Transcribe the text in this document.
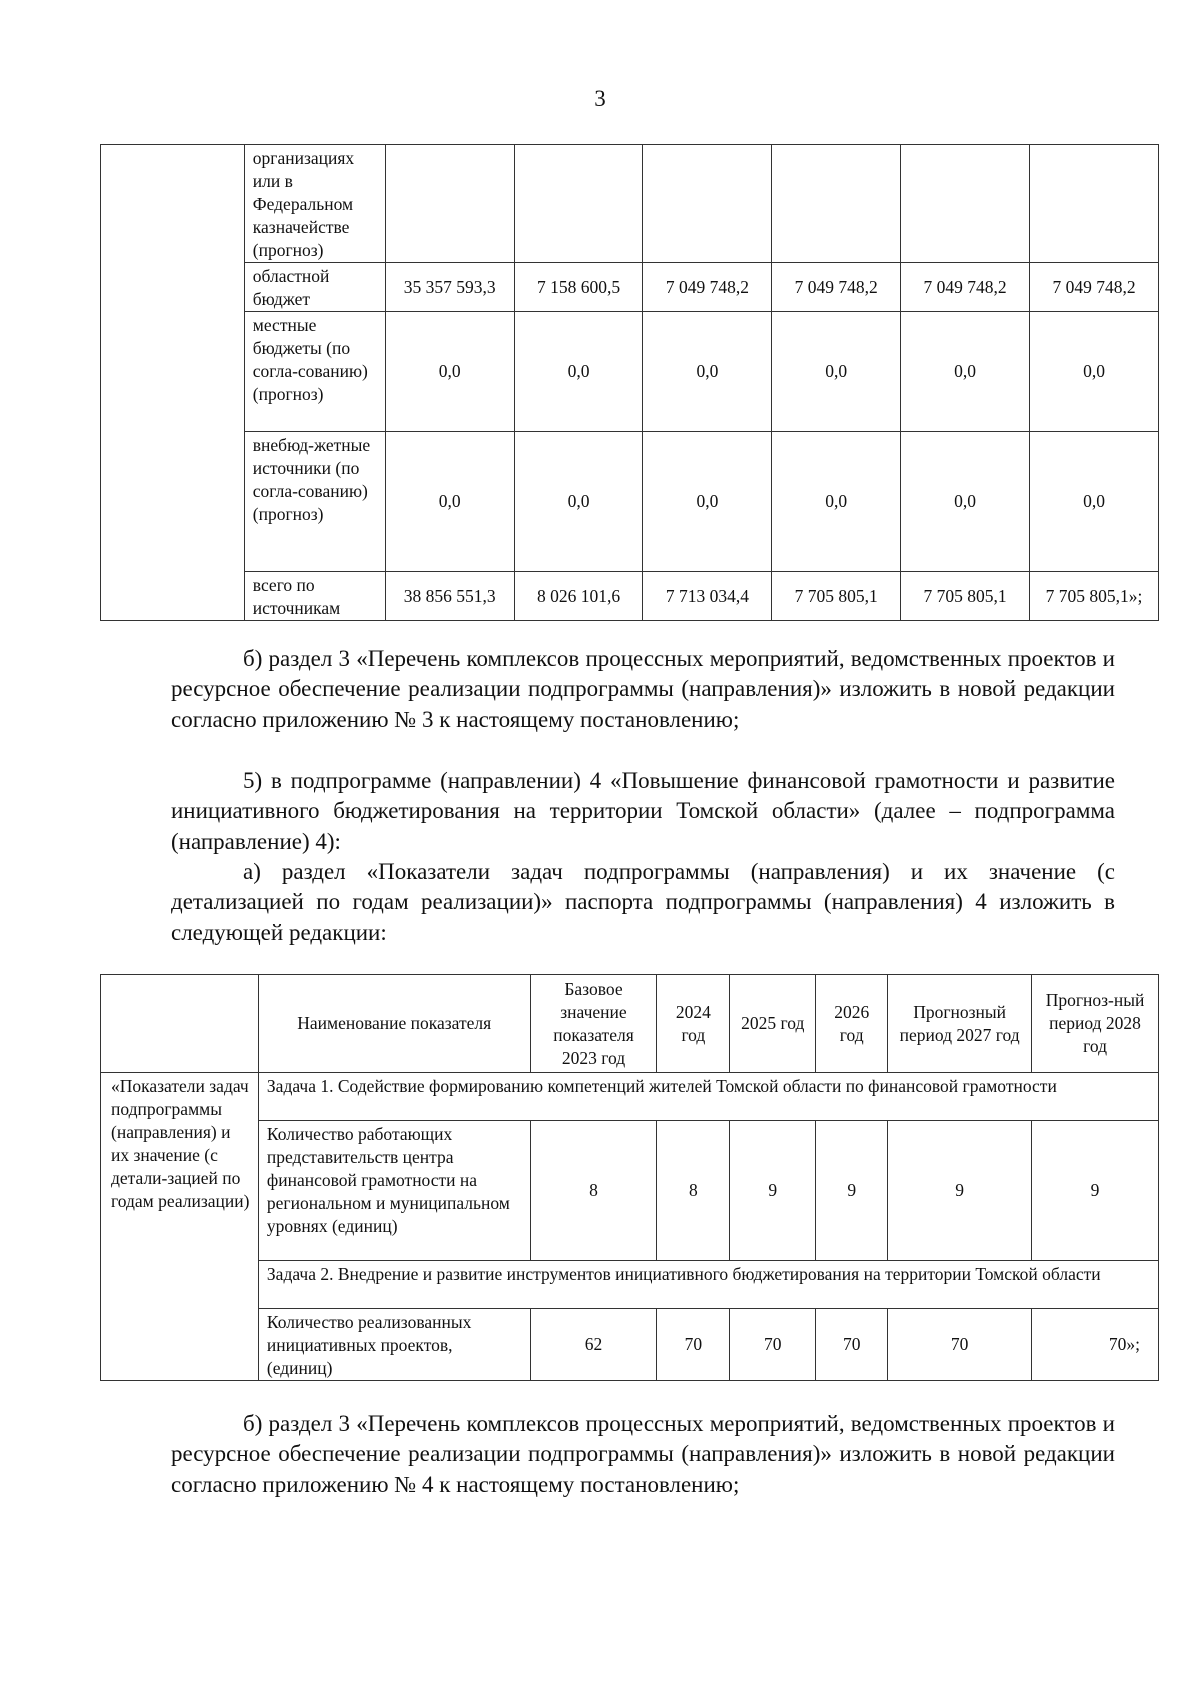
3
	организациях или в Федеральном казначействе (прогноз)						
	областной бюджет	35 357 593,3	7 158 600,5	7 049 748,2	7 049 748,2	7 049 748,2	7 049 748,2
	местные бюджеты (по согла-сованию) (прогноз)	0,0	0,0	0,0	0,0	0,0	0,0
	внебюд-жетные источники (по согла-сованию) (прогноз)	0,0	0,0	0,0	0,0	0,0	0,0
	всего по источникам	38 856 551,3	8 026 101,6	7 713 034,4	7 705 805,1	7 705 805,1	7 705 805,1»;
б) раздел 3 «Перечень комплексов процессных мероприятий, ведомственных проектов и ресурсное обеспечение реализации подпрограммы (направления)» изложить в новой редакции согласно приложению № 3 к настоящему постановлению;
5) в подпрограмме (направлении) 4 «Повышение финансовой грамотности и развитие инициативного бюджетирования на территории Томской области» (далее – подпрограмма (направление) 4):
а) раздел «Показатели задач подпрограммы (направления) и их значение (с детализацией по годам реализации)» паспорта подпрограммы (направления) 4 изложить в следующей редакции:
	Наименование показателя	Базовое значение показателя 2023 год	2024 год	2025 год	2026 год	Прогнозный период 2027 год	Прогноз-ный период 2028 год
«Показатели задач подпрограммы (направления) и их значение (с детали-зацией по годам реализации)	Задача 1. Содействие формированию компетенций жителей Томской области по финансовой грамотности						
	Количество работающих представительств центра финансовой грамотности на региональном и муниципальном уровнях (единиц)	8	8	9	9	9	9
	Задача 2. Внедрение и развитие инструментов инициативного бюджетирования на территории Томской области						
	Количество реализованных инициативных проектов, (единиц)	62	70	70	70	70	70»;
б) раздел 3 «Перечень комплексов процессных мероприятий, ведомственных проектов и ресурсное обеспечение реализации подпрограммы (направления)» изложить в новой редакции согласно приложению № 4 к настоящему постановлению;
